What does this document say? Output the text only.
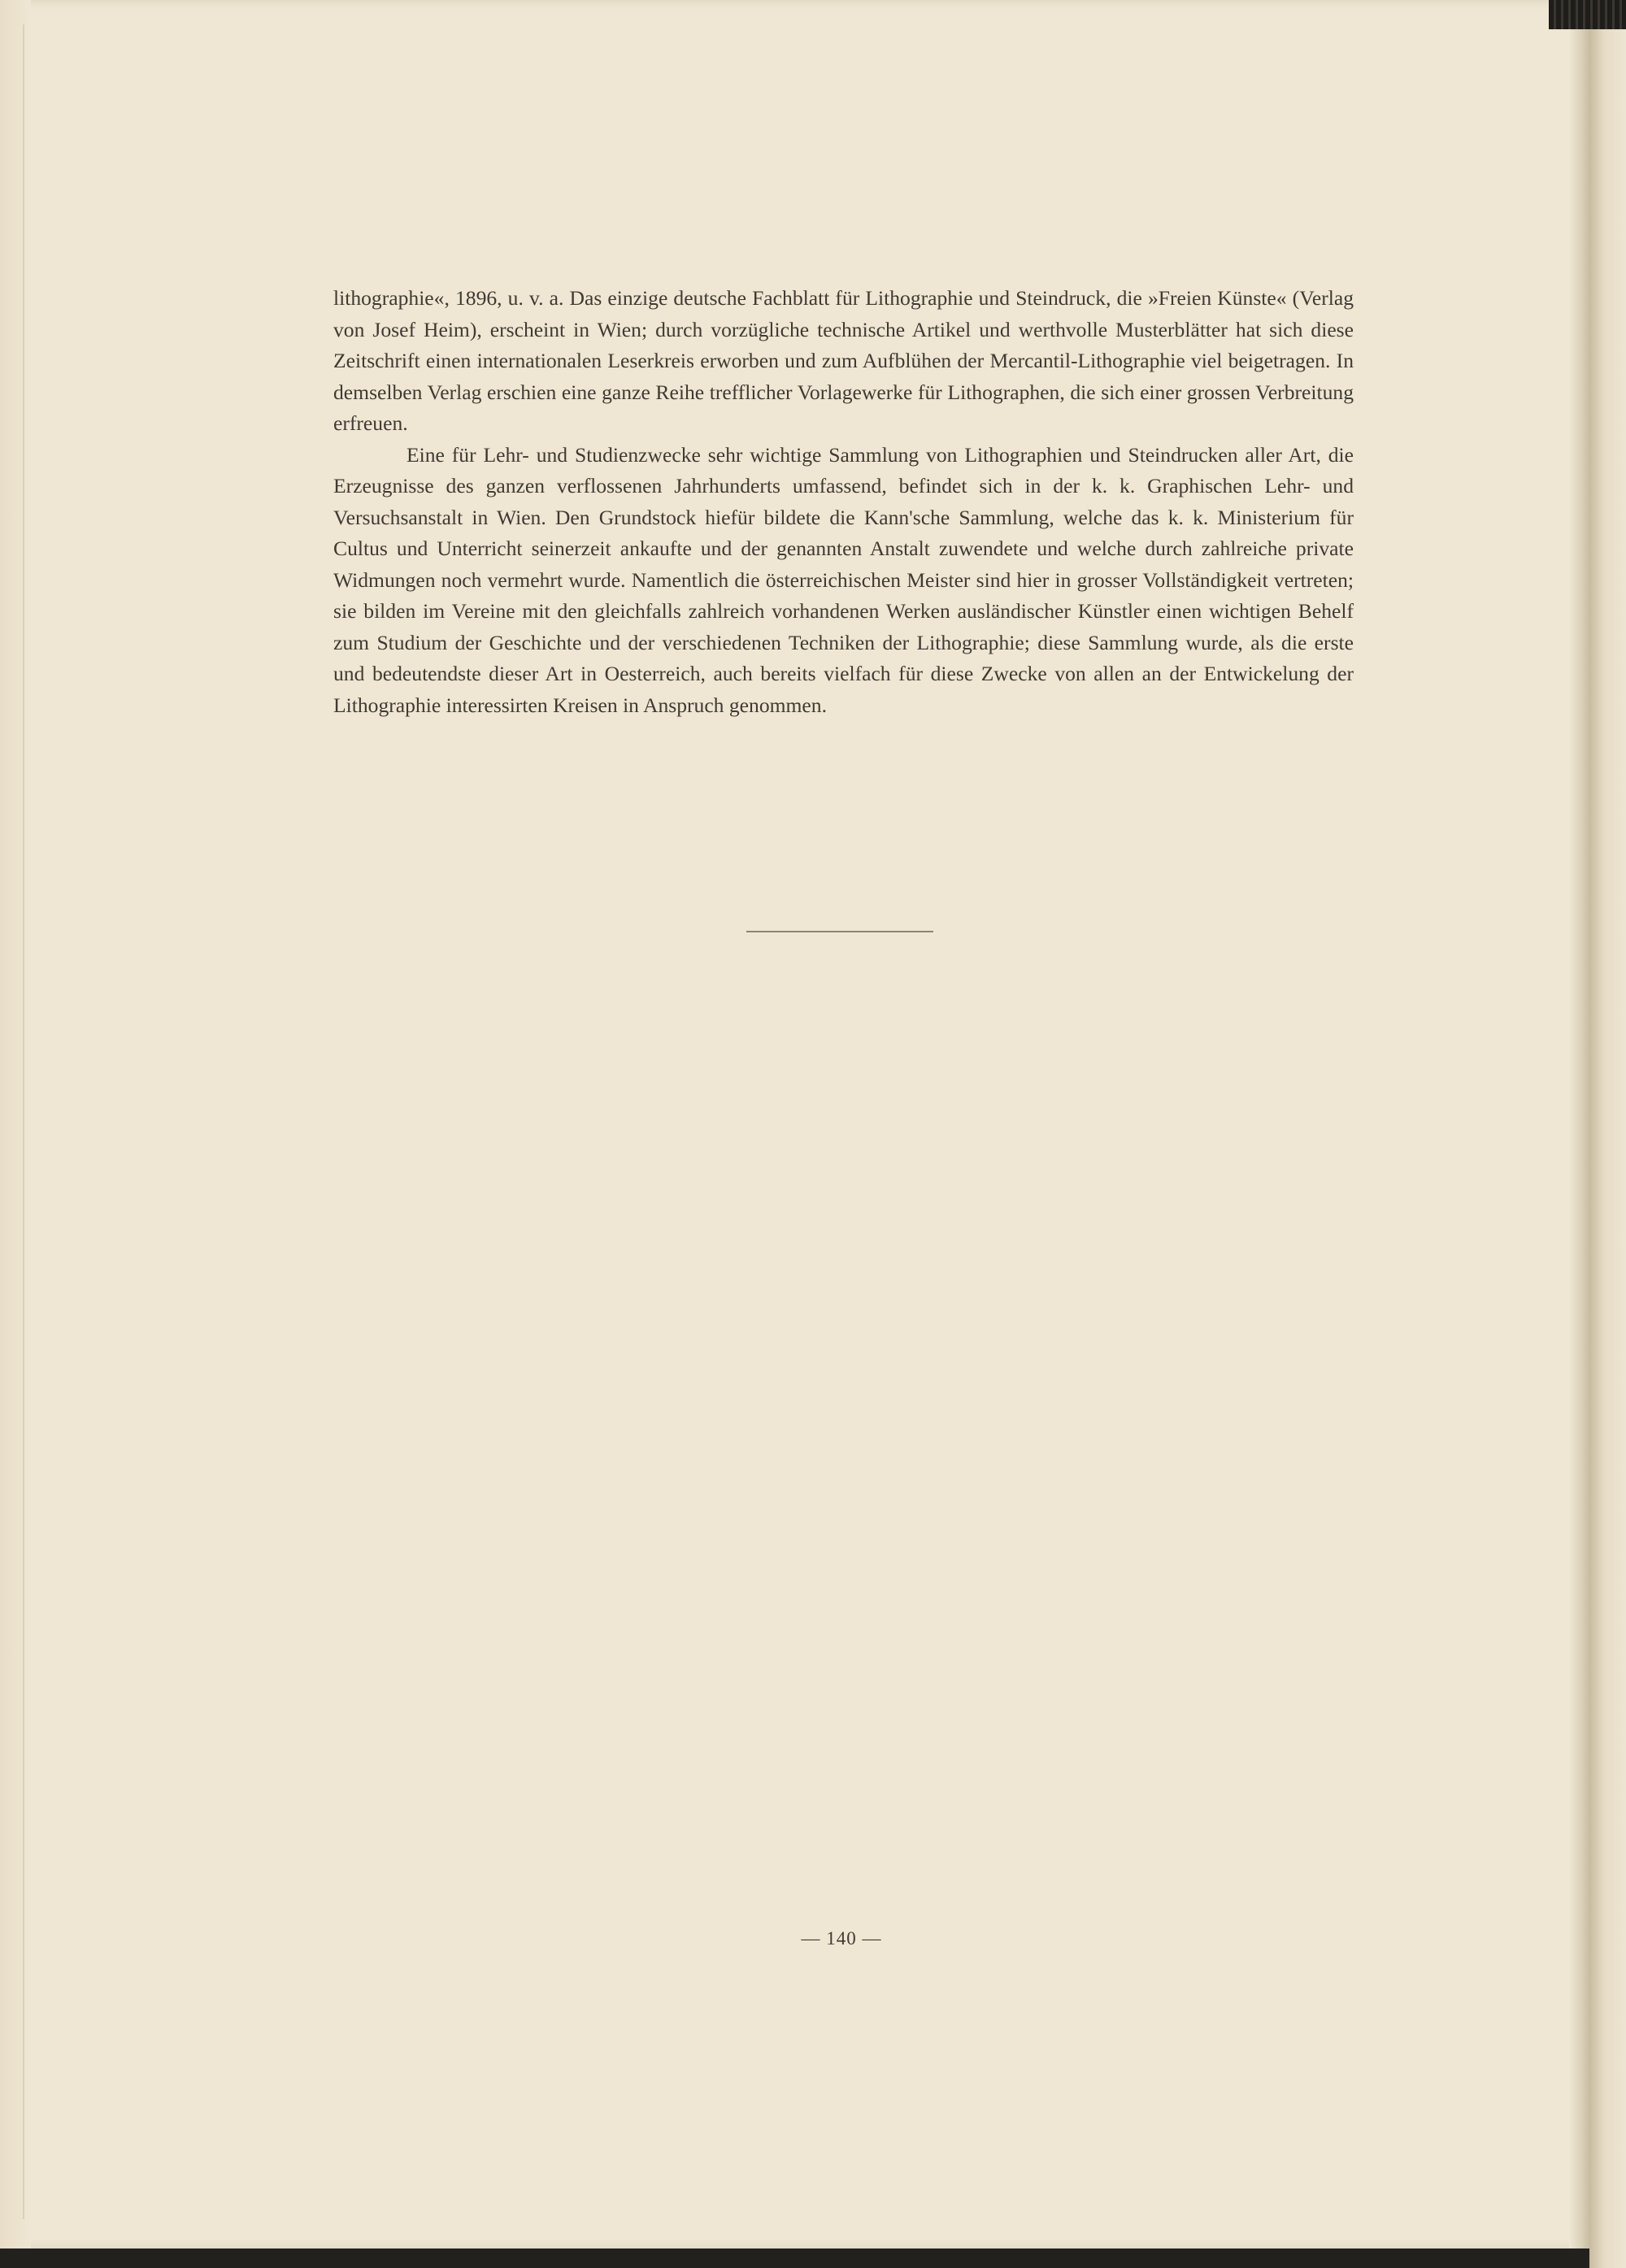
lithographie«, 1896, u. v. a. Das einzige deutsche Fachblatt für Lithographie und Steindruck, die »Freien Künste« (Verlag von Josef Heim), erscheint in Wien; durch vorzügliche technische Artikel und werthvolle Musterblätter hat sich diese Zeitschrift einen internationalen Leserkreis erworben und zum Aufblühen der Mercantil-Lithographie viel beigetragen. In demselben Verlag erschien eine ganze Reihe trefflicher Vorlagewerke für Lithographen, die sich einer grossen Verbreitung erfreuen.

Eine für Lehr- und Studienzwecke sehr wichtige Sammlung von Lithographien und Steindrucken aller Art, die Erzeugnisse des ganzen verflossenen Jahrhunderts umfassend, befindet sich in der k. k. Graphischen Lehr- und Versuchsanstalt in Wien. Den Grundstock hiefür bildete die Kann'sche Sammlung, welche das k. k. Ministerium für Cultus und Unterricht seinerzeit ankaufte und der genannten Anstalt zuwendete und welche durch zahlreiche private Widmungen noch vermehrt wurde. Namentlich die österreichischen Meister sind hier in grosser Vollständigkeit vertreten; sie bilden im Vereine mit den gleichfalls zahlreich vorhandenen Werken ausländischer Künstler einen wichtigen Behelf zum Studium der Geschichte und der verschiedenen Techniken der Lithographie; diese Sammlung wurde, als die erste und bedeutendste dieser Art in Oesterreich, auch bereits vielfach für diese Zwecke von allen an der Entwickelung der Lithographie interessirten Kreisen in Anspruch genommen.

— 140 —
